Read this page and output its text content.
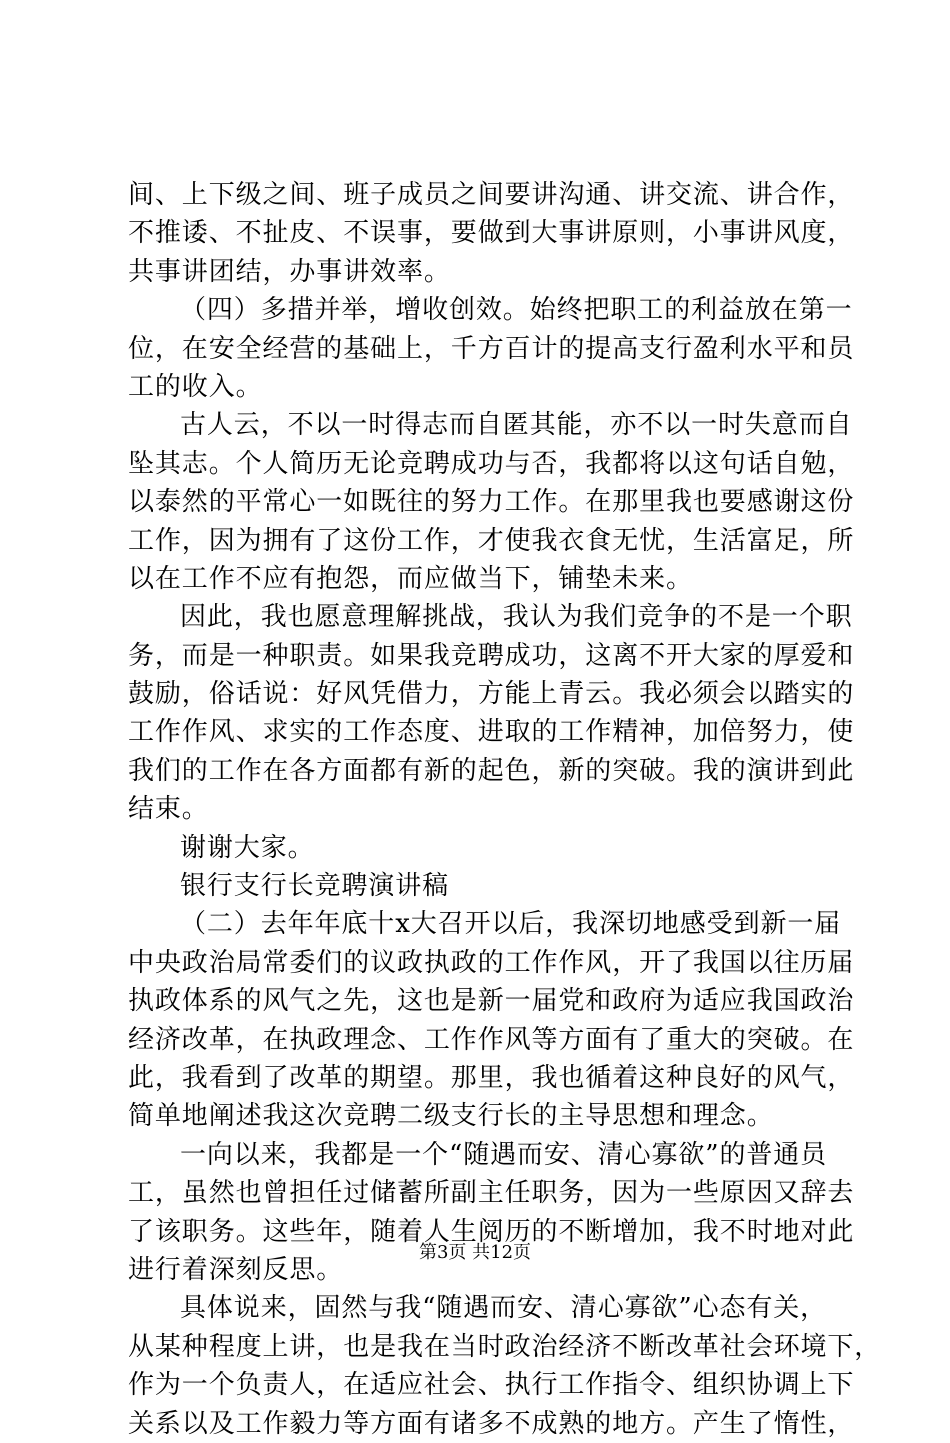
间、上下级之间、班子成员之间要讲沟通、讲交流、讲合作，
不推诿、不扯皮、不误事，要做到大事讲原则，小事讲风度，
共事讲团结，办事讲效率。
（四）多措并举，增收创效。始终把职工的利益放在第一
位，在安全经营的基础上，千方百计的提高支行盈利水平和员
工的收入。
古人云，不以一时得志而自匿其能，亦不以一时失意而自
坠其志。个人简历无论竞聘成功与否，我都将以这句话自勉，
以泰然的平常心一如既往的努力工作。在那里我也要感谢这份
工作，因为拥有了这份工作，才使我衣食无忧，生活富足，所
以在工作不应有抱怨，而应做当下，铺垫未来。
因此，我也愿意理解挑战，我认为我们竞争的不是一个职
务，而是一种职责。如果我竞聘成功，这离不开大家的厚爱和
鼓励，俗话说：好风凭借力，方能上青云。我必须会以踏实的
工作作风、求实的工作态度、进取的工作精神，加倍努力，使
我们的工作在各方面都有新的起色，新的突破。我的演讲到此
结束。
谢谢大家。
银行支行长竞聘演讲稿
（二）去年年底十x大召开以后，我深切地感受到新一届
中央政治局常委们的议政执政的工作作风，开了我国以往历届
执政体系的风气之先，这也是新一届党和政府为适应我国政治
经济改革，在执政理念、工作作风等方面有了重大的突破。在
此，我看到了改革的期望。那里，我也循着这种良好的风气，
简单地阐述我这次竞聘二级支行长的主导思想和理念。
一向以来，我都是一个“随遇而安、清心寡欲”的普通员
工，虽然也曾担任过储蓄所副主任职务，因为一些原因又辞去
了该职务。这些年，随着人生阅历的不断增加，我不时地对此
进行着深刻反思。
具体说来，固然与我“随遇而安、清心寡欲”心态有关，
从某种程度上讲，也是我在当时政治经济不断改革社会环境下，
作为一个负责人，在适应社会、执行工作指令、组织协调上下
关系以及工作毅力等方面有诸多不成熟的地方。产生了惰性，
第3页 共12页
